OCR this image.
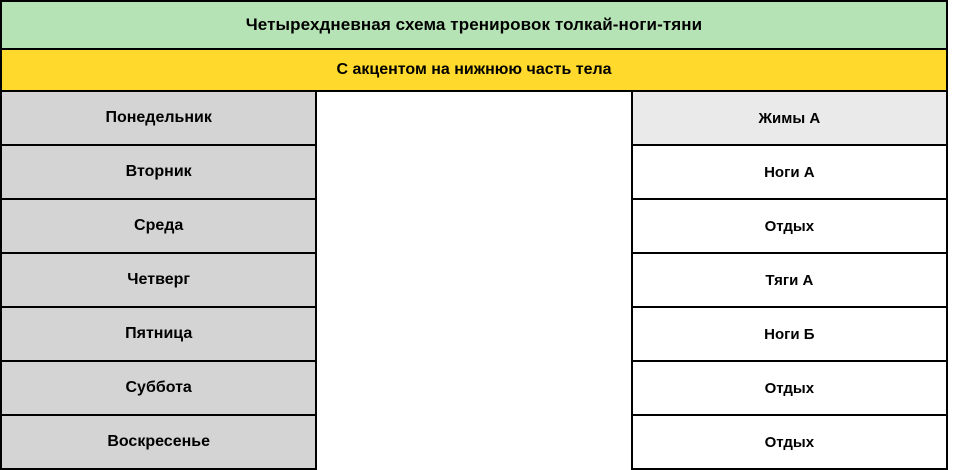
Четырехдневная схема тренировок толкай-ноги-тяни		
С акцентом на нижнюю часть тела		
Понедельник		Жимы А
Вторник		Ноги А
Среда		Отдых
Четверг		Тяги А
Пятница		Ноги Б
Суббота		Отдых
Воскресенье		Отдых
